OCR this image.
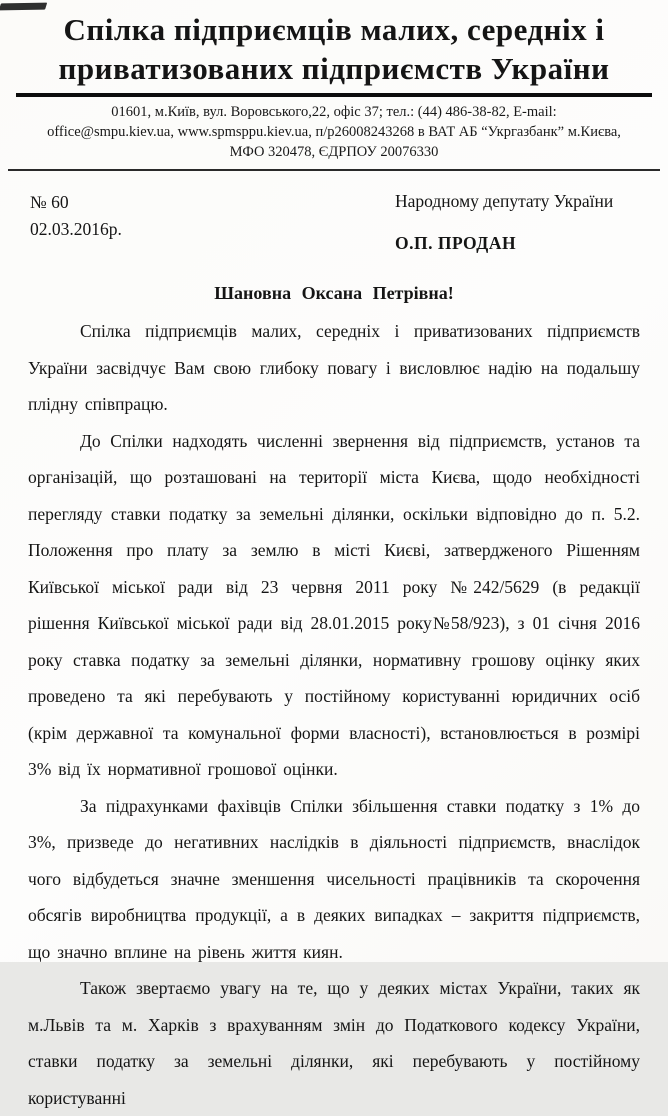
Спілка підприємців малих, середніх і
приватизованих підприємств України
01601, м.Київ, вул. Воровського,22, офіс 37; тел.: (44) 486-38-82, E-mail:
office@smpu.kiev.ua, www.spmsppu.kiev.ua, п/р26008243268 в ВАТ АБ “Укргазбанк” м.Києва,
МФО 320478, ЄДРПОУ 20076330
№ 60
02.03.2016р.
Народному депутату України
О.П. ПРОДАН
Шановна Оксана Петрівна!

Спілка підприємців малих, середніх і приватизованих підприємств України засвідчує Вам свою глибоку повагу і висловлює надію на подальшу плідну співпрацю.

До Спілки надходять численні звернення від підприємств, установ та організацій, що розташовані на території міста Києва, щодо необхідності перегляду ставки податку за земельні ділянки, оскільки відповідно до п. 5.2. Положення про плату за землю в місті Києві, затвердженого Рішенням Київської міської ради від 23 червня 2011 року №242/5629 (в редакції рішення Київської міської ради від 28.01.2015 року№58/923), з 01 січня 2016 року ставка податку за земельні ділянки, нормативну грошову оцінку яких проведено та які перебувають у постійному користуванні юридичних осіб (крім державної та комунальної форми власності), встановлюється в розмірі 3% від їх нормативної грошової оцінки.

За підрахунками фахівців Спілки збільшення ставки податку з 1% до 3%, призведе до негативних наслідків в діяльності підприємств, внаслідок чого відбудеться значне зменшення чисельності працівників та скорочення обсягів виробництва продукції, а в деяких випадках – закриття підприємств, що значно вплине на рівень життя киян.

Також звертаємо увагу на те, що у деяких містах України, таких як м.Львів та м. Харків з врахуванням змін до Податкового кодексу України, ставки податку за земельні ділянки, які перебувають у постійному користуванні
